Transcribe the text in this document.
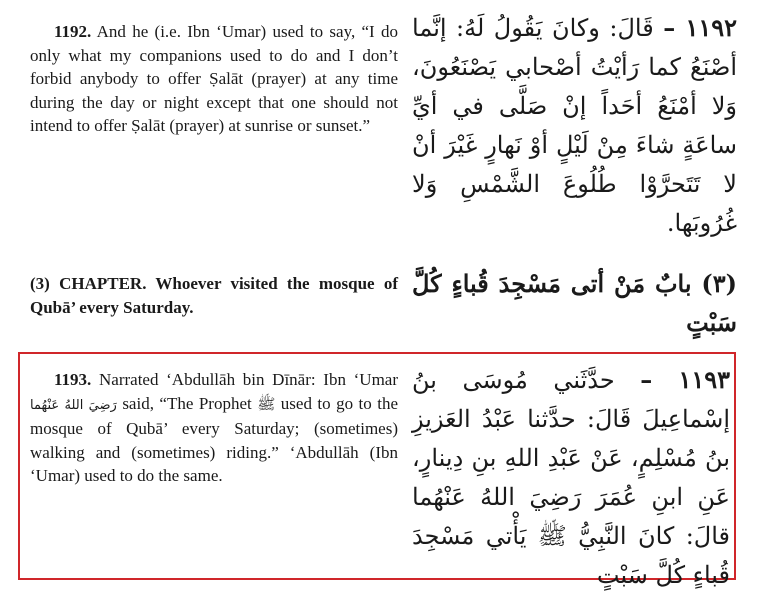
1192. And he (i.e. Ibn ‘Umar) used to say, “I do only what my companions used to do and I don’t forbid anybody to offer Ṣalāt (prayer) at any time during the day or night except that one should not intend to offer Ṣalāt (prayer) at sunrise or sunset.”

١١٩٢ – قَالَ: وكانَ يَقُولُ لَهُ: إنَّما أصْنَعُ كما رَأيْتُ أصْحابي يَصْنَعُونَ، وَلا أمْنَعُ أحَداً إنْ صَلَّى في أيِّ ساعَةٍ شاءَ مِنْ لَيْلٍ أوْ نَهارٍ غَيْرَ أنْ لا تَتَحرَّوْا طُلُوعَ الشَّمْسِ وَلا غُرُوبَها.

(3) CHAPTER. Whoever visited the mosque of Qubā’ every Saturday.

(٣) بابٌ مَنْ أتى مَسْجِدَ قُباءٍ كُلَّ سَبْتٍ

1193. Narrated ‘Abdullāh bin Dīnār: Ibn ‘Umar رَضِيَ اللهُ عَنْهُما said, “The Prophet ﷺ used to go to the mosque of Qubā’ every Saturday; (sometimes) walking and (sometimes) riding.” ‘Abdullāh (Ibn ‘Umar) used to do the same.

١١٩٣ – حدَّثَني مُوسَى بنُ إسْماعِيلَ قَالَ: حدَّثنا عَبْدُ العَزيزِ بنُ مُسْلِمٍ، عَنْ عَبْدِ اللهِ بنِ دِينارٍ، عَنِ ابنِ عُمَرَ رَضِيَ اللهُ عَنْهُما قالَ: كانَ النَّبِيُّ ﷺ يَأْتي مَسْجِدَ قُباءٍ كُلَّ سَبْتٍ
